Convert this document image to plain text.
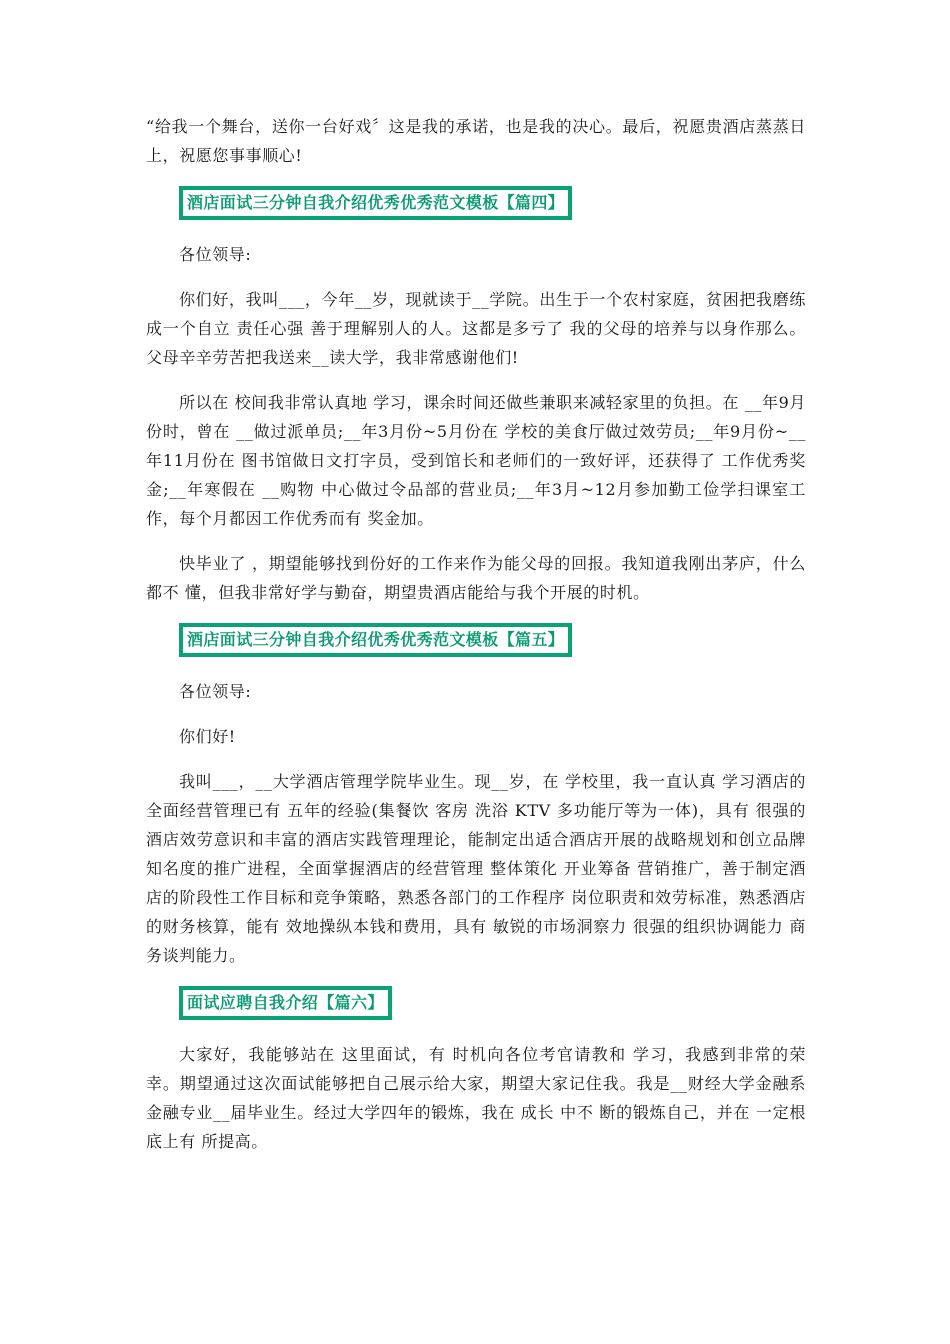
“给我一个舞台，送你一台好戏〞这是我的承诺，也是我的决心。最后，祝愿贵酒店蒸蒸日上，祝愿您事事顺心!

酒店面试三分钟自我介绍优秀优秀范文模板【篇四】

各位领导:

你们好，我叫___，今年__岁，现就读于__学院。出生于一个农村家庭，贫困把我磨练成一个自立 责任心强 善于理解别人的人。这都是多亏了 我的父母的培养与以身作那么。父母辛辛劳苦把我送来__读大学，我非常感谢他们!

所以在 校间我非常认真地 学习，课余时间还做些兼职来减轻家里的负担。在 __年9月份时，曾在 __做过派单员;__年3月份~5月份在 学校的美食厅做过效劳员;__年9月份~__年11月份在 图书馆做日文打字员，受到馆长和老师们的一致好评，还获得了 工作优秀奖金;__年寒假在 __购物 中心做过令品部的营业员;__年3月~12月参加勤工俭学扫课室工作，每个月都因工作优秀而有 奖金加。

快毕业了 ，期望能够找到份好的工作来作为能父母的回报。我知道我刚出茅庐，什么都不 懂，但我非常好学与勤奋，期望贵酒店能给与我个开展的时机。

酒店面试三分钟自我介绍优秀优秀范文模板【篇五】

各位领导:

你们好!

我叫___，__大学酒店管理学院毕业生。现__岁，在 学校里，我一直认真 学习酒店的全面经营管理已有 五年的经验(集餐饮 客房 洗浴 KTV 多功能厅等为一体)，具有 很强的酒店效劳意识和丰富的酒店实践管理理论，能制定出适合酒店开展的战略规划和创立品牌知名度的推广进程，全面掌握酒店的经营管理 整体策化 开业筹备 营销推广，善于制定酒店的阶段性工作目标和竞争策略，熟悉各部门的工作程序 岗位职责和效劳标准，熟悉酒店的财务核算，能有 效地操纵本钱和费用，具有 敏锐的市场洞察力 很强的组织协调能力 商务谈判能力。

面试应聘自我介绍【篇六】

大家好，我能够站在 这里面试，有 时机向各位考官请教和 学习，我感到非常的荣幸。期望通过这次面试能够把自己展示给大家，期望大家记住我。我是__财经大学金融系金融专业__届毕业生。经过大学四年的锻炼，我在 成长 中不 断的锻炼自己，并在 一定根底上有 所提高。
